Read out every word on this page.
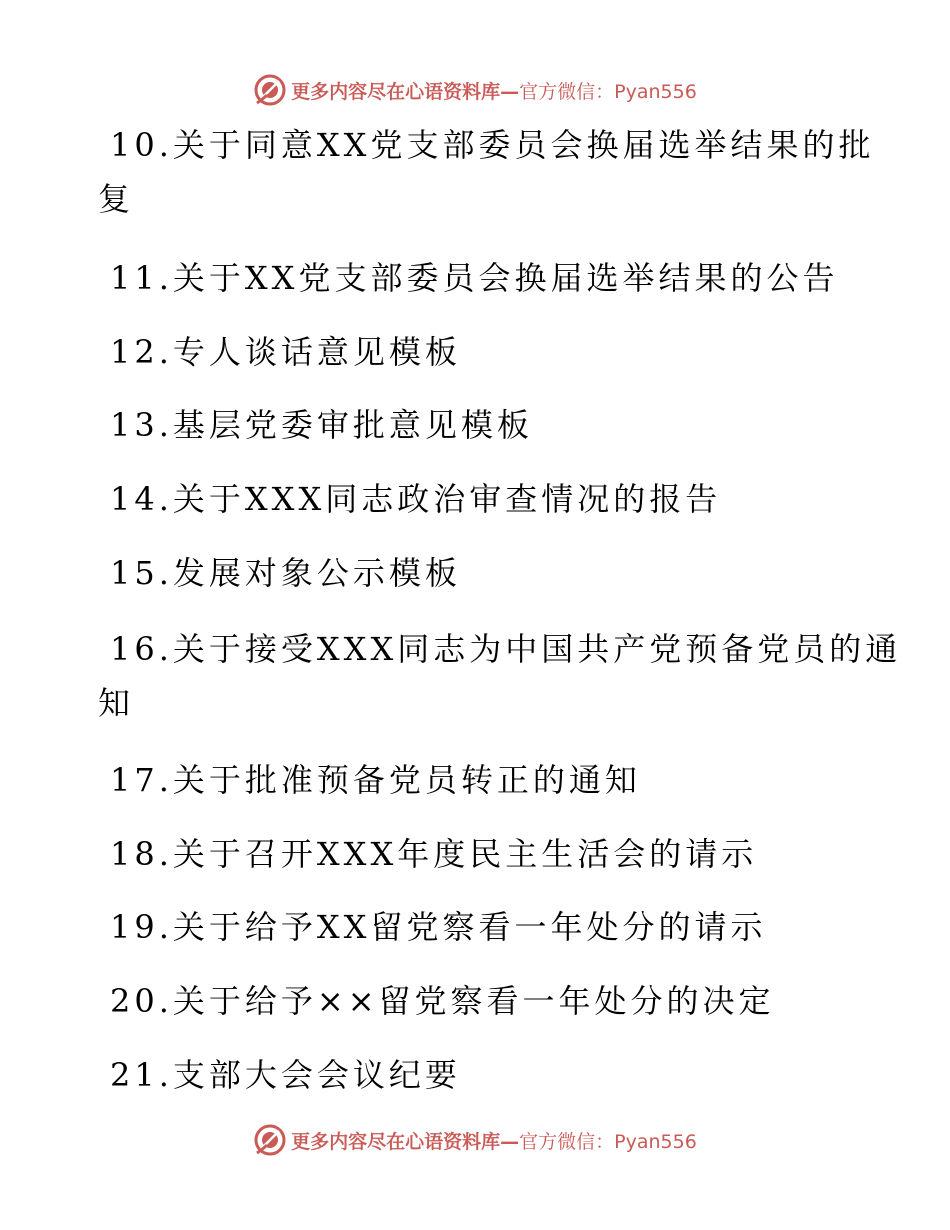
更多内容尽在心语资料库—官方微信：Pyan556
10.关于同意XX党支部委员会换届选举结果的批
复
11.关于XX党支部委员会换届选举结果的公告
12.专人谈话意见模板
13.基层党委审批意见模板
14.关于XXX同志政治审查情况的报告
15.发展对象公示模板
16.关于接受XXX同志为中国共产党预备党员的通
知
17.关于批准预备党员转正的通知
18.关于召开XXX年度民主生活会的请示
19.关于给予XX留党察看一年处分的请示
20.关于给予××留党察看一年处分的决定
21.支部大会会议纪要
更多内容尽在心语资料库—官方微信：Pyan556
